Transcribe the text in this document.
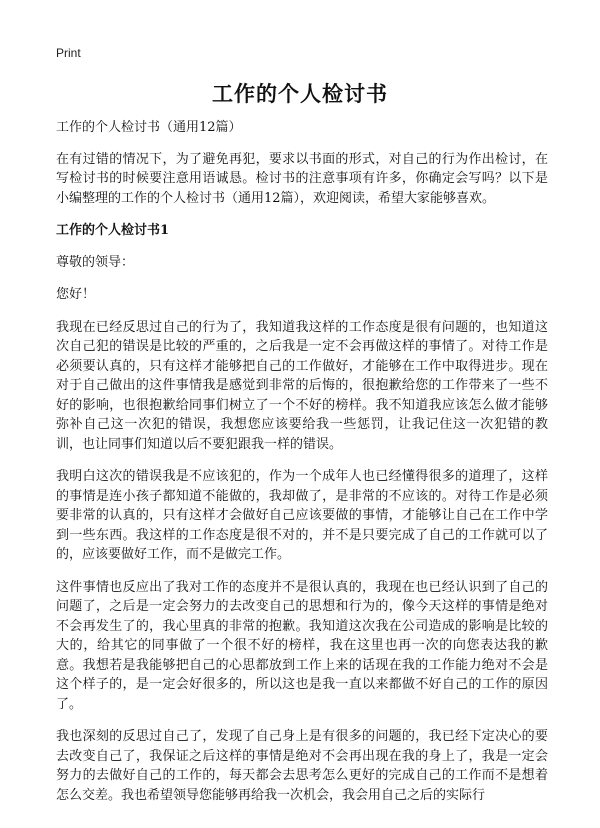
Print
工作的个人检讨书

工作的个人检讨书（通用12篇）

在有过错的情况下，为了避免再犯，要求以书面的形式，对自己的行为作出检讨，在写检讨书的时候要注意用语诚恳。检讨书的注意事项有许多，你确定会写吗？以下是小编整理的工作的个人检讨书（通用12篇），欢迎阅读，希望大家能够喜欢。

工作的个人检讨书1

尊敬的领导：

您好！

我现在已经反思过自己的行为了，我知道我这样的工作态度是很有问题的，也知道这次自己犯的错误是比较的严重的，之后我是一定不会再做这样的事情了。对待工作是必须要认真的，只有这样才能够把自己的工作做好，才能够在工作中取得进步。现在对于自己做出的这件事情我是感觉到非常的后悔的，很抱歉给您的工作带来了一些不好的影响，也很抱歉给同事们树立了一个不好的榜样。我不知道我应该怎么做才能够弥补自己这一次犯的错误，我想您应该要给我一些惩罚，让我记住这一次犯错的教训，也让同事们知道以后不要犯跟我一样的错误。

我明白这次的错误我是不应该犯的，作为一个成年人也已经懂得很多的道理了，这样的事情是连小孩子都知道不能做的，我却做了，是非常的不应该的。对待工作是必须要非常的认真的，只有这样才会做好自己应该要做的事情，才能够让自己在工作中学到一些东西。我这样的工作态度是很不对的，并不是只要完成了自己的工作就可以了的，应该要做好工作，而不是做完工作。

这件事情也反应出了我对工作的态度并不是很认真的，我现在也已经认识到了自己的问题了，之后是一定会努力的去改变自己的思想和行为的，像今天这样的事情是绝对不会再发生了的，我心里真的非常的抱歉。我知道这次我在公司造成的影响是比较的大的，给其它的同事做了一个很不好的榜样，我在这里也再一次的向您表达我的歉意。我想若是我能够把自己的心思都放到工作上来的话现在我的工作能力绝对不会是这个样子的，是一定会好很多的，所以这也是我一直以来都做不好自己的工作的原因了。

我也深刻的反思过自己了，发现了自己身上是有很多的问题的，我已经下定决心的要去改变自己了，我保证之后这样的事情是绝对不会再出现在我的身上了，我是一定会努力的去做好自己的工作的，每天都会去思考怎么更好的完成自己的工作而不是想着怎么交差。我也希望领导您能够再给我一次机会，我会用自己之后的实际行
